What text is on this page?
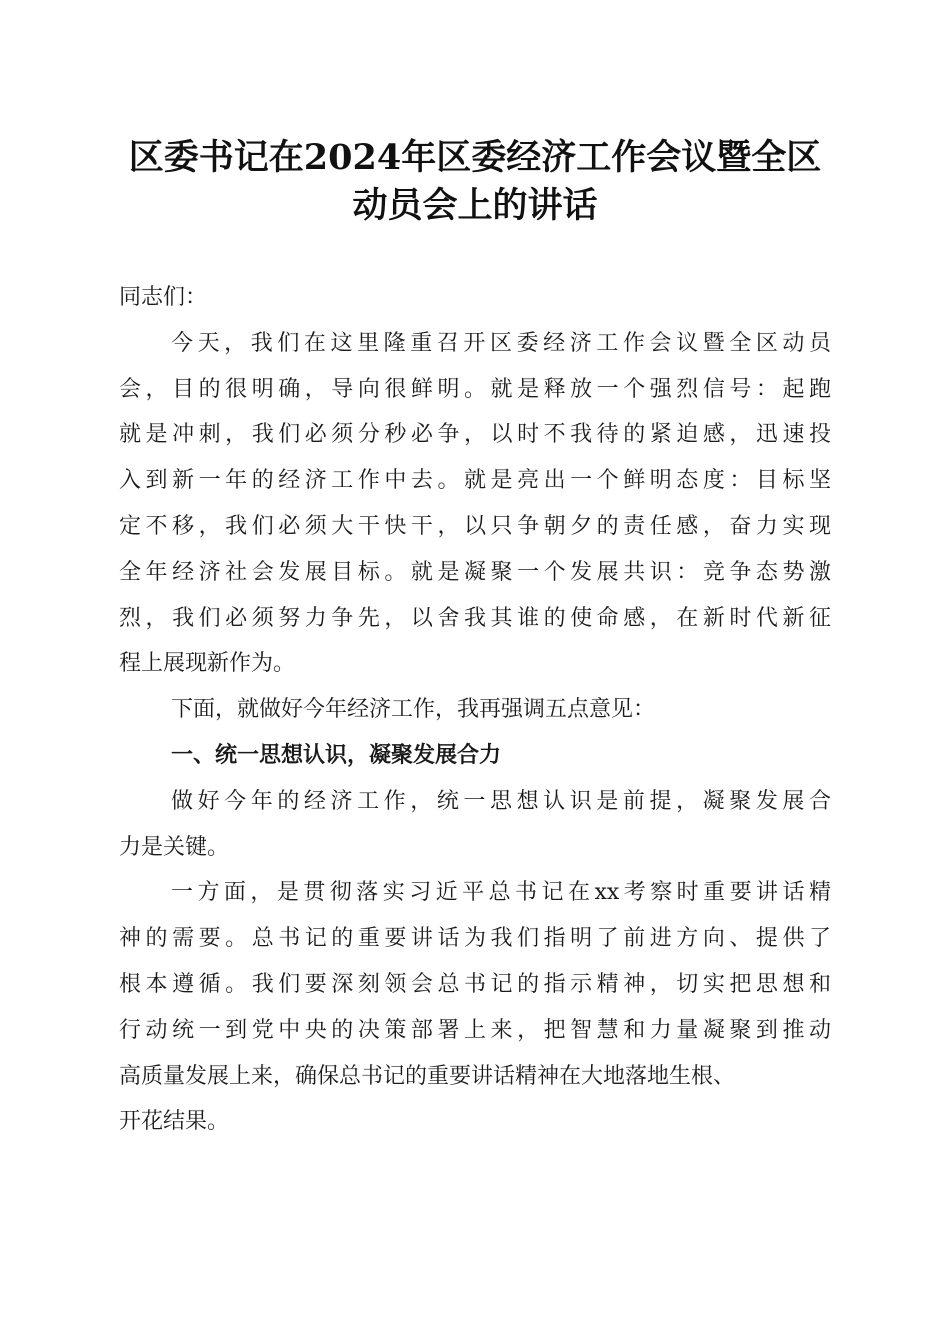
区委书记在2024年区委经济工作会议暨全区
动员会上的讲话
同志们：
今天，我们在这里隆重召开区委经济工作会议暨全区动员
会，目的很明确，导向很鲜明。就是释放一个强烈信号：起跑
就是冲刺，我们必须分秒必争，以时不我待的紧迫感，迅速投
入到新一年的经济工作中去。就是亮出一个鲜明态度：目标坚
定不移，我们必须大干快干，以只争朝夕的责任感，奋力实现
全年经济社会发展目标。就是凝聚一个发展共识：竞争态势激
烈，我们必须努力争先，以舍我其谁的使命感，在新时代新征
程上展现新作为。
下面，就做好今年经济工作，我再强调五点意见：
一、统一思想认识，凝聚发展合力
做好今年的经济工作，统一思想认识是前提，凝聚发展合
力是关键。
一方面，是贯彻落实习近平总书记在xx考察时重要讲话精
神的需要。总书记的重要讲话为我们指明了前进方向、提供了
根本遵循。我们要深刻领会总书记的指示精神，切实把思想和
行动统一到党中央的决策部署上来，把智慧和力量凝聚到推动
高质量发展上来，确保总书记的重要讲话精神在大地落地生根、
开花结果。
